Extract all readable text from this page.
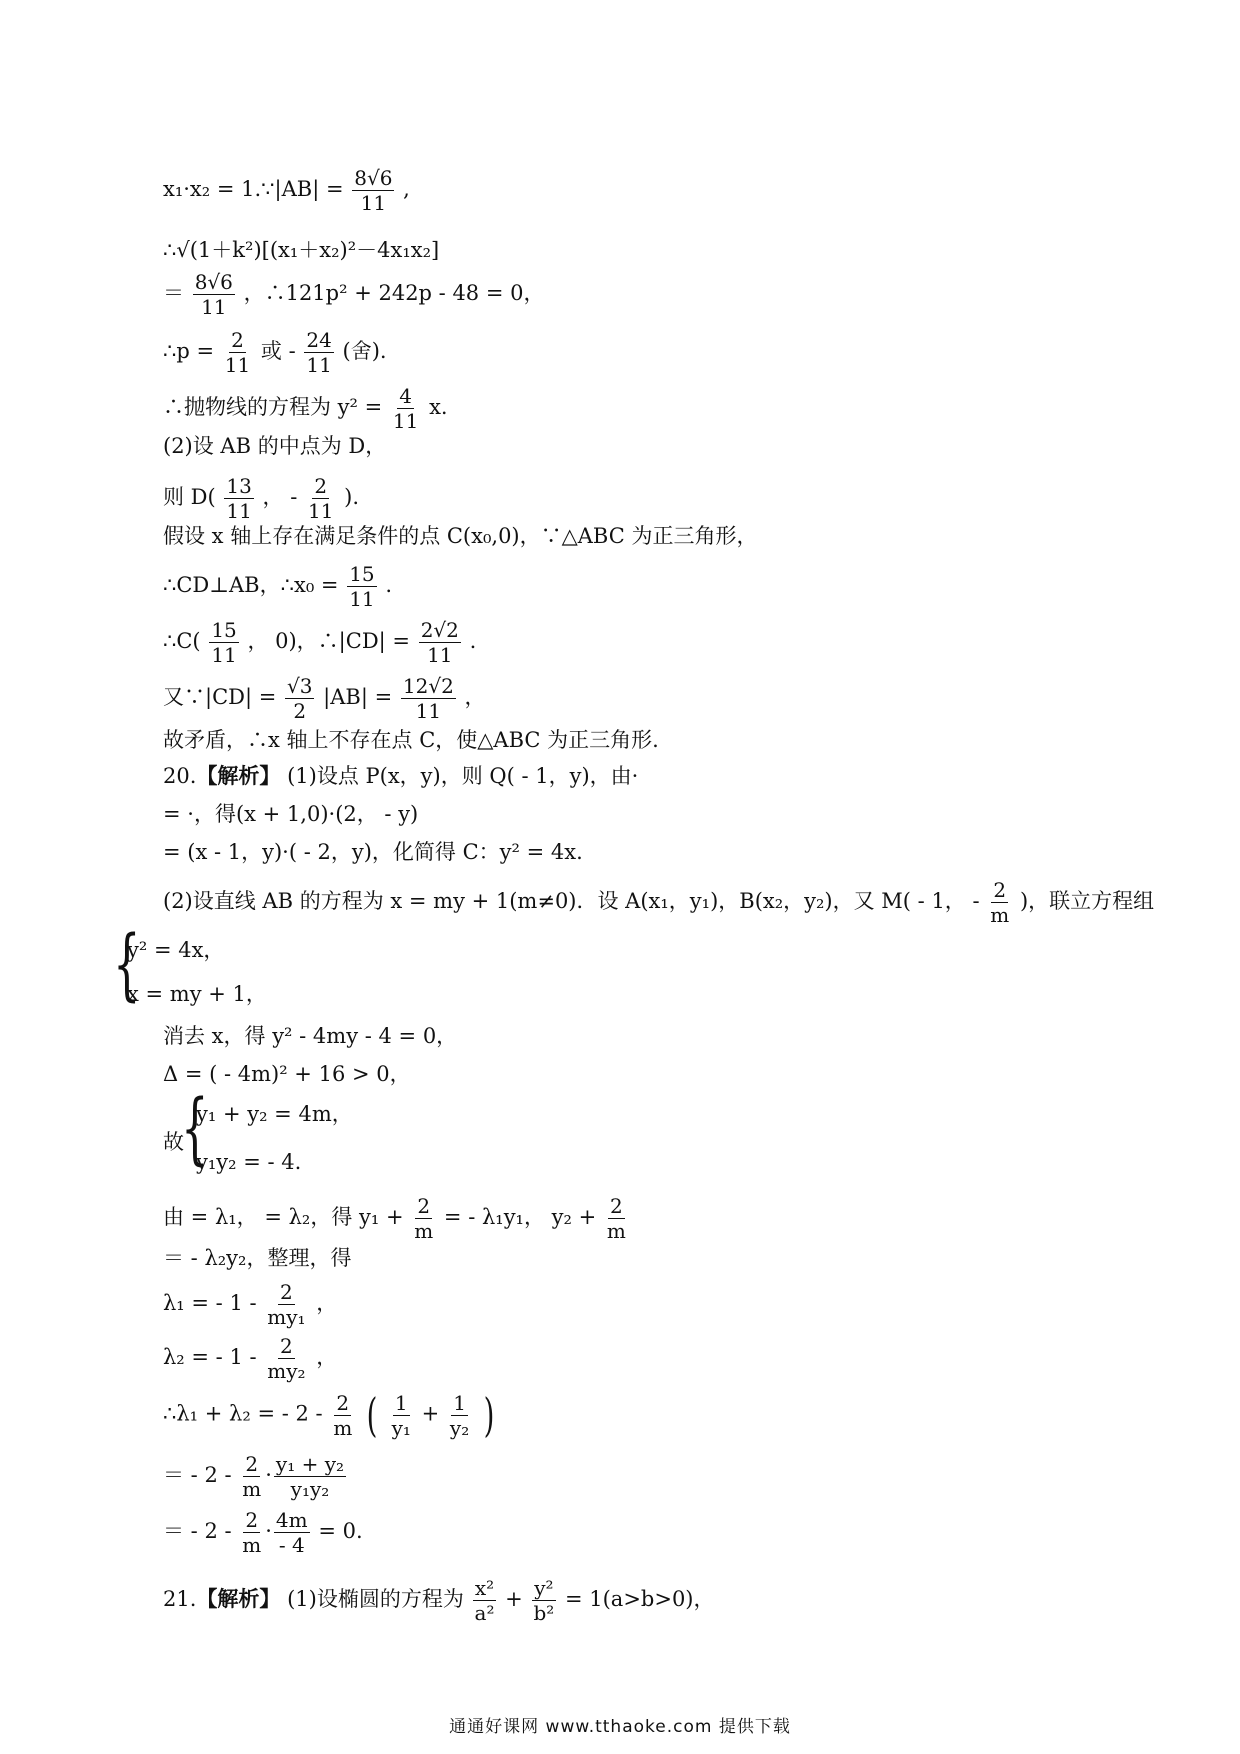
x₁·x₂ = 1.∵|AB| = $\frac{8√6}{11}$ ,
∴√(1＋k²)[(x₁＋x₂)²－4x₁x₂]
＝ $\frac{8√6}{11}$ ，∴121p² + 242p - 48 = 0，
∴p = $\frac{2}{11}$ 或 - $\frac{24}{11}$ (舍).
∴抛物线的方程为 $y^2 = \frac{4}{11} x$.
(2)设 AB 的中点为 D，
则 $D( \frac{13}{11}$ ， - $\frac{2}{11}$ ).
假设 x 轴上存在满足条件的点 C(x₀,0)，∵△ABC 为正三角形，
∴CD⊥AB，∴x₀ = $\frac{15}{11}$ .
∴C( $\frac{15}{11}$ ， 0)，∴|CD| = $\frac{2√2}{11}$ .
又∵|CD| = $\frac{√3}{2} |AB| = \frac{12√2}{11}$ ，
故矛盾，∴x 轴上不存在点 C，使△ABC 为正三角形.
20.【解析】 (1)设点 P(x，y)，则 Q( - 1，y)，由·
= ·，得(x + 1,0)·(2， - y)
= (x - 1，y)·( - 2，y)，化简得 C：y² = 4x.
(2)设直线 AB 的方程为 x = my + 1(m≠0)．设 A(x₁，y₁)，B(x₂，y₂)，又 M( - 1， - $\frac{2}{m}$ )，联立方程组
{
y² = 4x，
x = my + 1，
消去 x，得 y² - 4my - 4 = 0，
Δ = ( - 4m)² + 16 > 0，
故
{
y₁ + y₂ = 4m，
y₁y₂ = - 4.
由 = λ₁， = λ₂，得 $y_1 + \frac{2}{m}$ = - λ₁y₁， $y_2 + \frac{2}{m}$
＝ - λ₂y₂，整理，得
λ₁ = - $1 - \frac{2}{\text{my₁}}$ ，
λ₂ = - $1 - \frac{2}{\text{my₂}}$ ，
∴λ₁ + λ₂ = - $2 - \frac{2}{m}$ ( $\frac{1}{\text{y₁}} + \frac{1}{\text{y₂}}$ )
＝ - $2 - \frac{2}{m} \cdot \frac{\text{y₁ + y₂}}{\text{y₁y₂}}$
＝ - $2 - \frac{2}{m} \cdot \frac{4m}{- 4} = 0$.
21.【解析】 (1)设椭圆的方程为 $\frac{\text{x²}}{\text{a²}} + \frac{\text{y²}}{\text{b²}} = 1(a>b>0)$，
通通好课网 www.tthaoke.com 提供下载
